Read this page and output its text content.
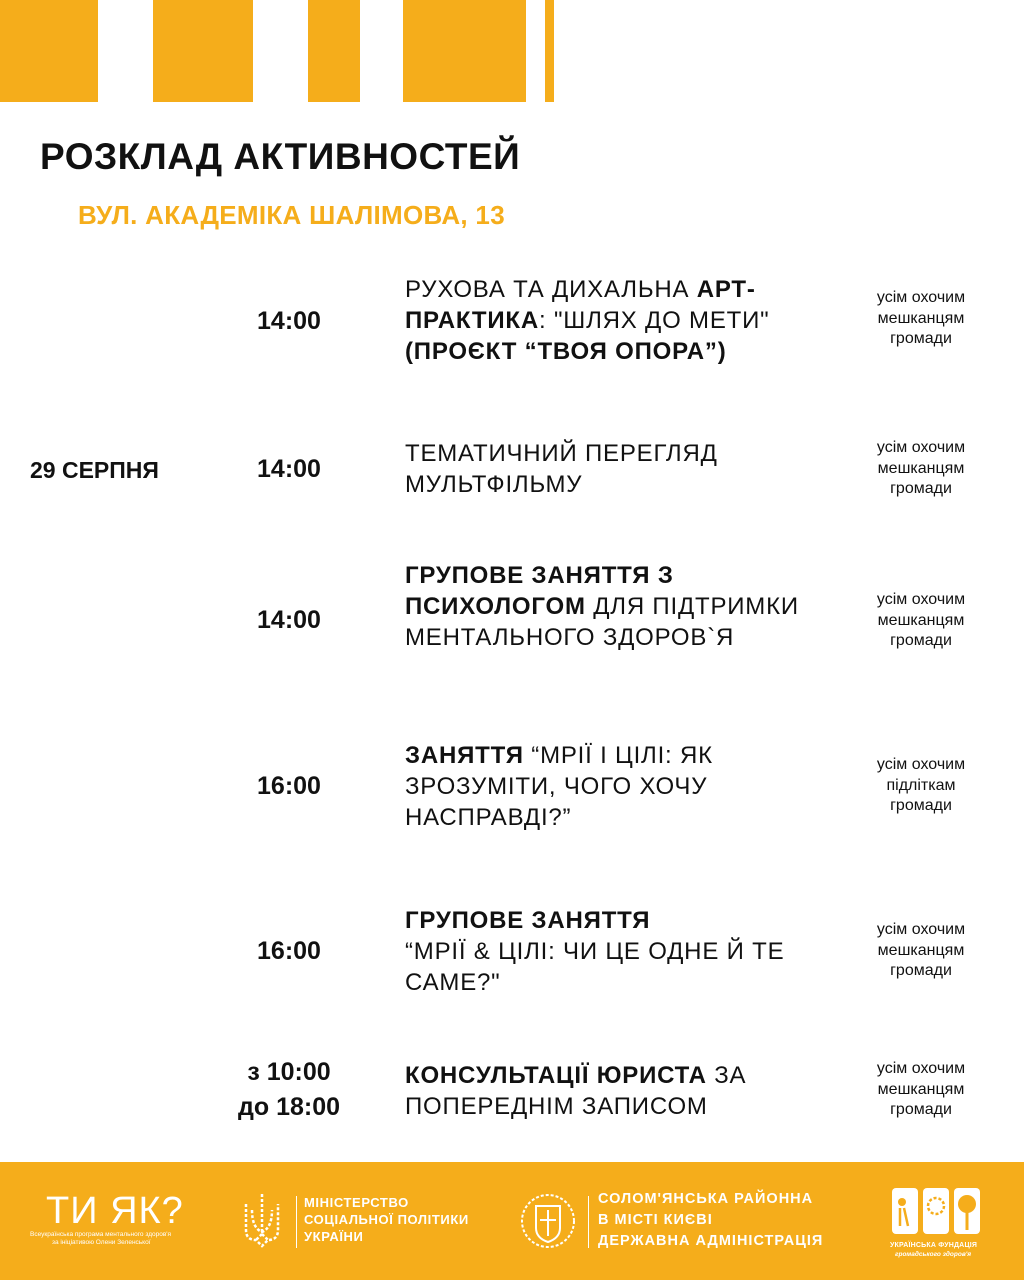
РОЗКЛАД АКТИВНОСТЕЙ
ВУЛ. АКАДЕМІКА ШАЛІМОВА, 13
29 СЕРПНЯ
14:00
РУХОВА ТА ДИХАЛЬНА АРТ-ПРАКТИКА: "ШЛЯХ ДО МЕТИ" (ПРОЄКТ “ТВОЯ ОПОРА”)
усім охочим мешканцям громади
14:00
ТЕМАТИЧНИЙ ПЕРЕГЛЯД МУЛЬТФІЛЬМУ
усім охочим мешканцям громади
14:00
ГРУПОВЕ ЗАНЯТТЯ З ПСИХОЛОГОМ ДЛЯ ПІДТРИМКИ МЕНТАЛЬНОГО ЗДОРОВ`Я
усім охочим мешканцям громади
16:00
ЗАНЯТТЯ “МРІЇ І ЦІЛІ: ЯК ЗРОЗУМІТИ, ЧОГО ХОЧУ НАСПРАВДІ?”
усім охочим підліткам громади
16:00
ГРУПОВЕ ЗАНЯТТЯ
“МРІЇ & ЦІЛІ: ЧИ ЦЕ ОДНЕ Й ТЕ САМЕ?"
усім охочим мешканцям громади
з 10:00
до 18:00
КОНСУЛЬТАЦІЇ ЮРИСТА ЗА ПОПЕРЕДНІМ ЗАПИСОМ
усім охочим мешканцям громади
ТИ ЯК?
Всеукраїнська програма ментального здоров'я
за ініціативою Олени Зеленської
МІНІСТЕРСТВО
СОЦІАЛЬНОЇ ПОЛІТИКИ
УКРАЇНИ
СОЛОМ'ЯНСЬКА РАЙОННА
В МІСТІ КИЄВІ
ДЕРЖАВНА АДМІНІСТРАЦІЯ	УКРАЇНСЬКА ФУНДАЦІЯ
громадського здоров'я
